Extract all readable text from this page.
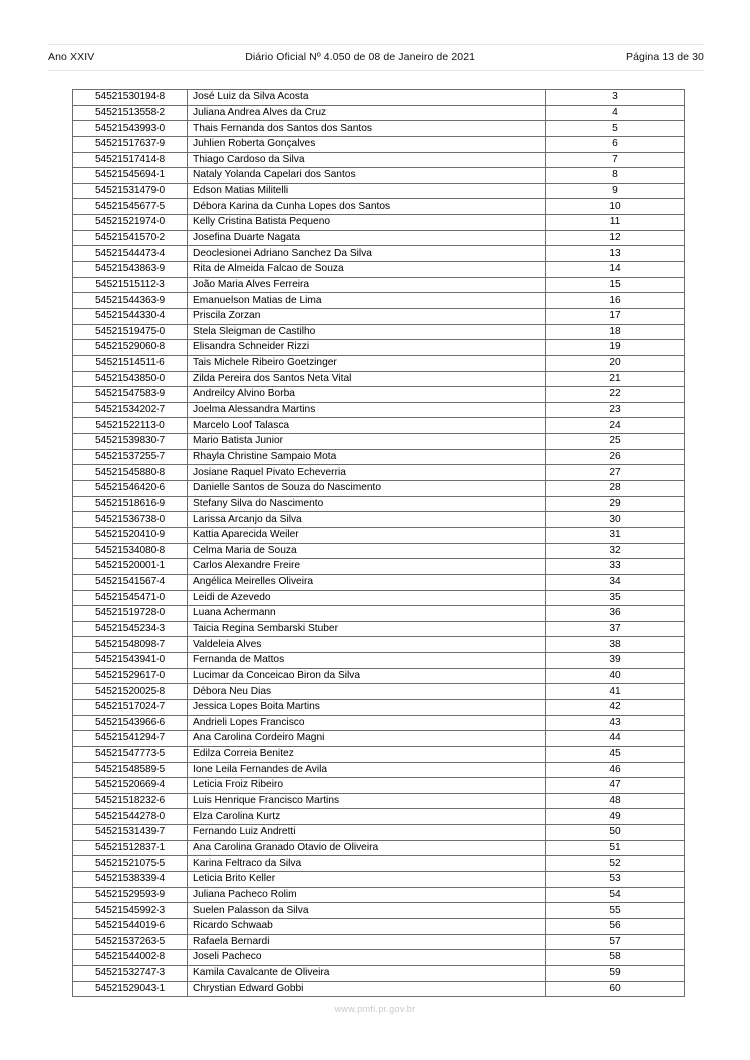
Ano XXIV	Diário Oficial Nº 4.050 de 08 de Janeiro de 2021	Página 13 de 30
54521530194-8	José Luiz da Silva Acosta	3
54521513558-2	Juliana Andrea Alves da Cruz	4
54521543993-0	Thais Fernanda dos Santos dos Santos	5
54521517637-9	Juhlien Roberta Gonçalves	6
54521517414-8	Thiago Cardoso da Silva	7
54521545694-1	Nataly Yolanda Capelari dos Santos	8
54521531479-0	Edson Matias Militelli	9
54521545677-5	Débora Karina da Cunha Lopes dos Santos	10
54521521974-0	Kelly Cristina Batista Pequeno	11
54521541570-2	Josefina Duarte Nagata	12
54521544473-4	Deoclesionei Adriano Sanchez Da Silva	13
54521543863-9	Rita de Almeida Falcao de Souza	14
54521515112-3	João Maria Alves Ferreira	15
54521544363-9	Emanuelson Matias de Lima	16
54521544330-4	Priscila Zorzan	17
54521519475-0	Stela Sleigman de Castilho	18
54521529060-8	Elisandra Schneider Rizzi	19
54521514511-6	Tais Michele Ribeiro Goetzinger	20
54521543850-0	Zilda Pereira dos Santos Neta Vital	21
54521547583-9	Andreilcy Alvino Borba	22
54521534202-7	Joelma Alessandra Martins	23
54521522113-0	Marcelo Loof Talasca	24
54521539830-7	Mario Batista Junior	25
54521537255-7	Rhayla Christine Sampaio Mota	26
54521545880-8	Josiane Raquel Pivato Echeverria	27
54521546420-6	Danielle Santos de Souza do Nascimento	28
54521518616-9	Stefany Silva do Nascimento	29
54521536738-0	Larissa Arcanjo da Silva	30
54521520410-9	Kattia Aparecida Weiler	31
54521534080-8	Celma Maria de Souza	32
54521520001-1	Carlos Alexandre Freire	33
54521541567-4	Angélica Meirelles Oliveira	34
54521545471-0	Leidi de Azevedo	35
54521519728-0	Luana Achermann	36
54521545234-3	Taicia Regina Sembarski Stuber	37
54521548098-7	Valdeleia Alves	38
54521543941-0	Fernanda de Mattos	39
54521529617-0	Lucimar da Conceicao Biron da Silva	40
54521520025-8	Débora Neu Dias	41
54521517024-7	Jessica Lopes Boita Martins	42
54521543966-6	Andrieli Lopes Francisco	43
54521541294-7	Ana Carolina Cordeiro Magni	44
54521547773-5	Edilza Correia Benitez	45
54521548589-5	Ione Leila Fernandes de Avila	46
54521520669-4	Leticia Froiz Ribeiro	47
54521518232-6	Luis Henrique Francisco Martins	48
54521544278-0	Elza Carolina Kurtz	49
54521531439-7	Fernando Luiz Andretti	50
54521512837-1	Ana Carolina Granado Otavio de Oliveira	51
54521521075-5	Karina Feltraco da Silva	52
54521538339-4	Leticia Brito Keller	53
54521529593-9	Juliana Pacheco Rolim	54
54521545992-3	Suelen Palasson da Silva	55
54521544019-6	Ricardo Schwaab	56
54521537263-5	Rafaela Bernardi	57
54521544002-8	Joseli Pacheco	58
54521532747-3	Kamila Cavalcante de Oliveira	59
54521529043-1	Chrystian Edward Gobbi	60
www.pmfi.pr.gov.br
